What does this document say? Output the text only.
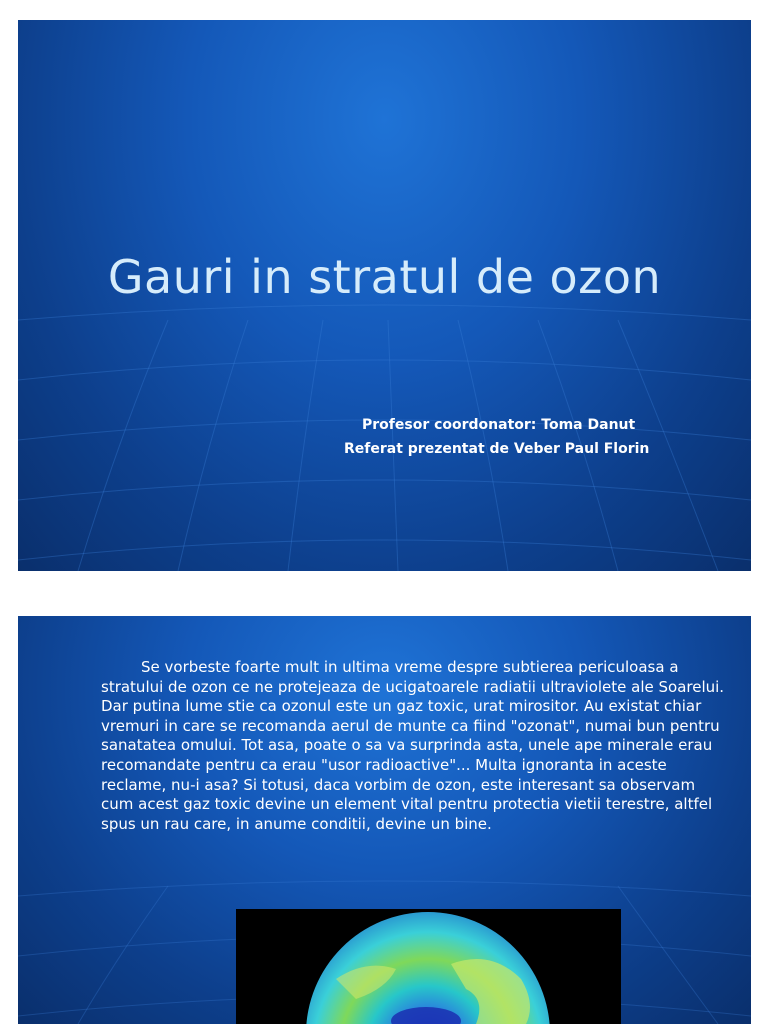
Gauri in stratul de ozon
Profesor coordonator: Toma Danut
Referat prezentat de Veber Paul Florin
Se vorbeste foarte mult in ultima vreme despre subtierea periculoasa a stratului de ozon ce ne protejeaza de ucigatoarele radiatii ultraviolete ale Soarelui. Dar putina lume stie ca ozonul este un gaz toxic, urat mirositor. Au existat chiar vremuri in care se recomanda aerul de munte ca fiind "ozonat", numai bun pentru sanatatea omului. Tot asa, poate o sa va surprinda asta, unele ape minerale erau recomandate pentru ca erau "usor radioactive"... Multa ignoranta in aceste reclame, nu-i asa? Si totusi, daca vorbim de ozon, este interesant sa observam cum acest gaz toxic devine un element vital pentru protectia vietii terestre, altfel spus un rau care, in anume conditii, devine un bine.
